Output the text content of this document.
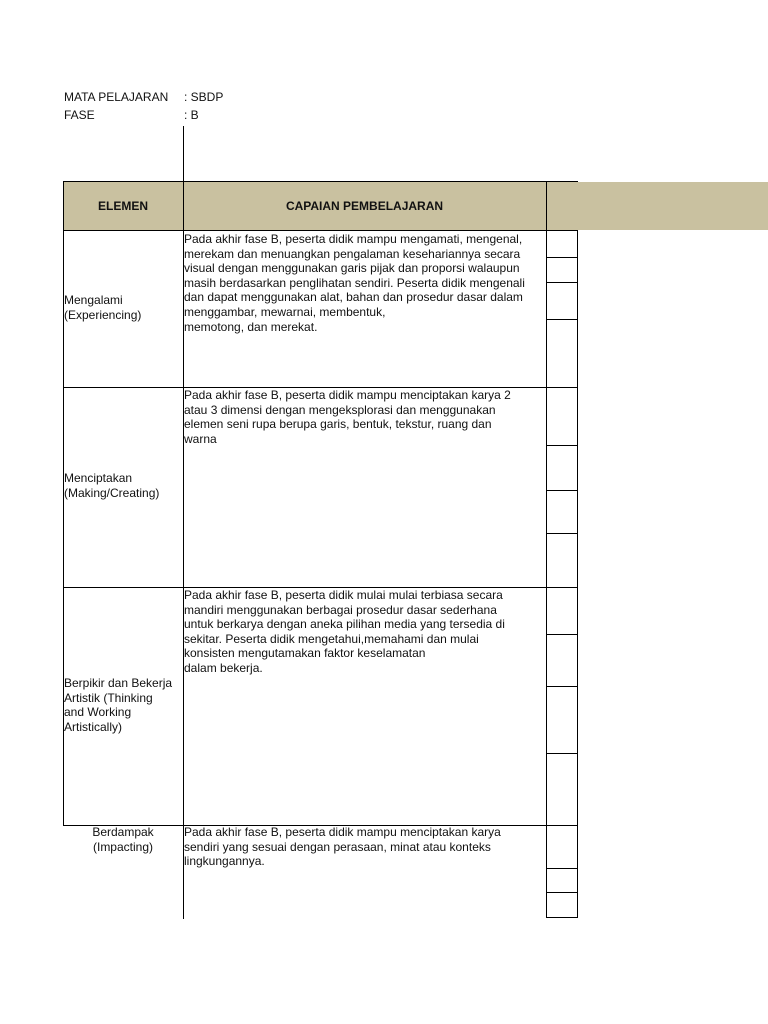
MATA PELAJARAN : SBDP
FASE	: B
ELEMEN	CAPAIAN PEMBELAJARAN
Mengalami
(Experiencing)
Pada akhir fase B, peserta didik mampu mengamati, mengenal,
merekam dan menuangkan pengalaman kesehariannya secara
visual dengan menggunakan garis pijak dan proporsi walaupun
masih berdasarkan penglihatan sendiri. Peserta didik mengenali
dan dapat menggunakan alat, bahan dan prosedur dasar dalam
menggambar, mewarnai, membentuk,
memotong, dan merekat.
Menciptakan
(Making/Creating)
Pada akhir fase B, peserta didik mampu menciptakan karya 2
atau 3 dimensi dengan mengeksplorasi dan menggunakan
elemen seni rupa berupa garis, bentuk, tekstur, ruang dan
warna
Berpikir dan Bekerja
Artistik (Thinking
and Working
Artistically)
Pada akhir fase B, peserta didik mulai mulai terbiasa secara
mandiri menggunakan berbagai prosedur dasar sederhana
untuk berkarya dengan aneka pilihan media yang tersedia di
sekitar. Peserta didik mengetahui,memahami dan mulai
konsisten mengutamakan faktor keselamatan
dalam bekerja.
Berdampak
(Impacting)
Pada akhir fase B, peserta didik mampu menciptakan karya
sendiri yang sesuai dengan perasaan, minat atau konteks
lingkungannya.
